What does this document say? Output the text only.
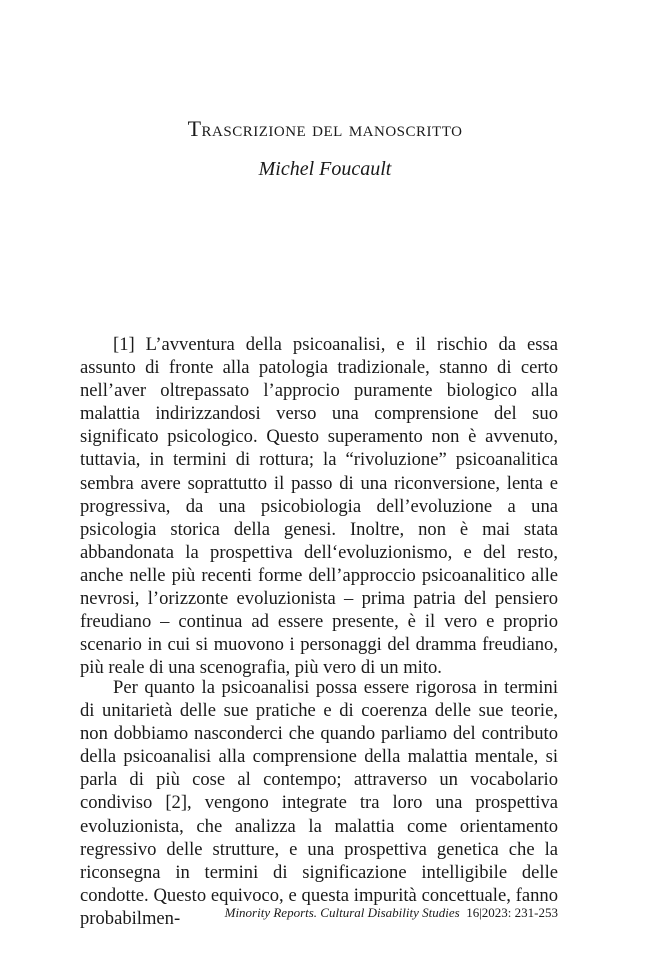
Trascrizione del manoscritto
Michel Foucault

[1] L’avventura della psicoanalisi, e il rischio da essa assunto di fronte alla patologia tradizionale, stanno di certo nell’aver oltrepassato l’approcio puramente biologico alla malattia indirizzandosi verso una comprensione del suo significato psicologico. Questo superamento non è avvenuto, tuttavia, in termini di rottura; la “rivoluzione” psicoanalitica sembra avere soprattutto il passo di una riconversione, lenta e progressiva, da una psicobiologia dell’evoluzione a una psicologia storica della genesi. Inoltre, non è mai stata abbandonata la prospettiva dell‘evoluzionismo, e del resto, anche nelle più recenti forme dell’approccio psicoanalitico alle nevrosi, l’orizzonte evoluzionista – prima patria del pensiero freudiano – continua ad essere presente, è il vero e proprio scenario in cui si muovono i personaggi del dramma freudiano, più reale di una scenografia, più vero di un mito.

Per quanto la psicoanalisi possa essere rigorosa in termini di unitarietà delle sue pratiche e di coerenza delle sue teorie, non dobbiamo nasconderci che quando parliamo del contributo della psicoanalisi alla comprensione della malattia mentale, si parla di più cose al contempo; attraverso un vocabolario condiviso [2], vengono integrate tra loro una prospettiva evoluzionista, che analizza la malattia come orientamento regressivo delle strutture, e una prospettiva genetica che la riconsegna in termini di significazione intelligibile delle condotte. Questo equivoco, e questa impurità concettuale, fanno probabilmen-	Minority Reports. Cultural Disability Studies 16|2023: 231-253
